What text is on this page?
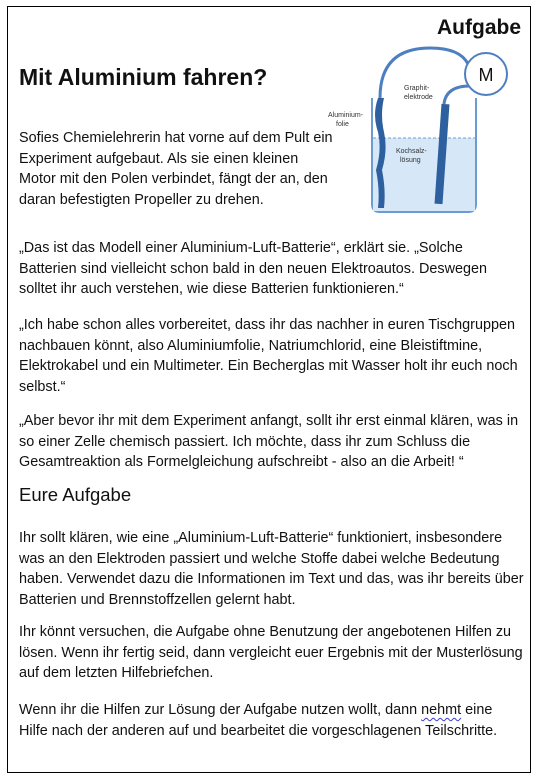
Aufgabe
Mit Aluminium fahren?	M
Graphit-
elektrode
Aluminium-
folie
Kochsalz-
lösung

Sofies Chemielehrerin hat vorne auf dem Pult ein Experiment aufgebaut. Als sie einen kleinen Motor mit den Polen verbindet, fängt der an, den daran befestigten Propeller zu drehen.

„Das ist das Modell einer Aluminium-Luft-Batterie“, erklärt sie. „Solche Batterien sind vielleicht schon bald in den neuen Elektroautos. Deswegen solltet ihr auch verstehen, wie diese Batterien funktionieren.“

„Ich habe schon alles vorbereitet, dass ihr das nachher in euren Tischgruppen nachbauen könnt, also Aluminiumfolie, Natriumchlorid, eine Bleistiftmine, Elektrokabel und ein Multimeter. Ein Becherglas mit Wasser holt ihr euch noch selbst.“

„Aber bevor ihr mit dem Experiment anfangt, sollt ihr erst einmal klären, was in so einer Zelle chemisch passiert. Ich möchte, dass ihr zum Schluss die Gesamtreaktion als Formelgleichung aufschreibt - also an die Arbeit! “

Eure Aufgabe

Ihr sollt klären, wie eine „Aluminium-Luft-Batterie“ funktioniert, insbesondere was an den Elektroden passiert und welche Stoffe dabei welche Bedeutung haben. Verwendet dazu die Informationen im Text und das, was ihr bereits über Batterien und Brennstoffzellen gelernt habt.

Ihr könnt versuchen, die Aufgabe ohne Benutzung der angebotenen Hilfen zu lösen. Wenn ihr fertig seid, dann vergleicht euer Ergebnis mit der Musterlösung auf dem letzten Hilfebriefchen.

Wenn ihr die Hilfen zur Lösung der Aufgabe nutzen wollt, dann nehmt eine Hilfe nach der anderen auf und bearbeitet die vorgeschlagenen Teilschritte.
